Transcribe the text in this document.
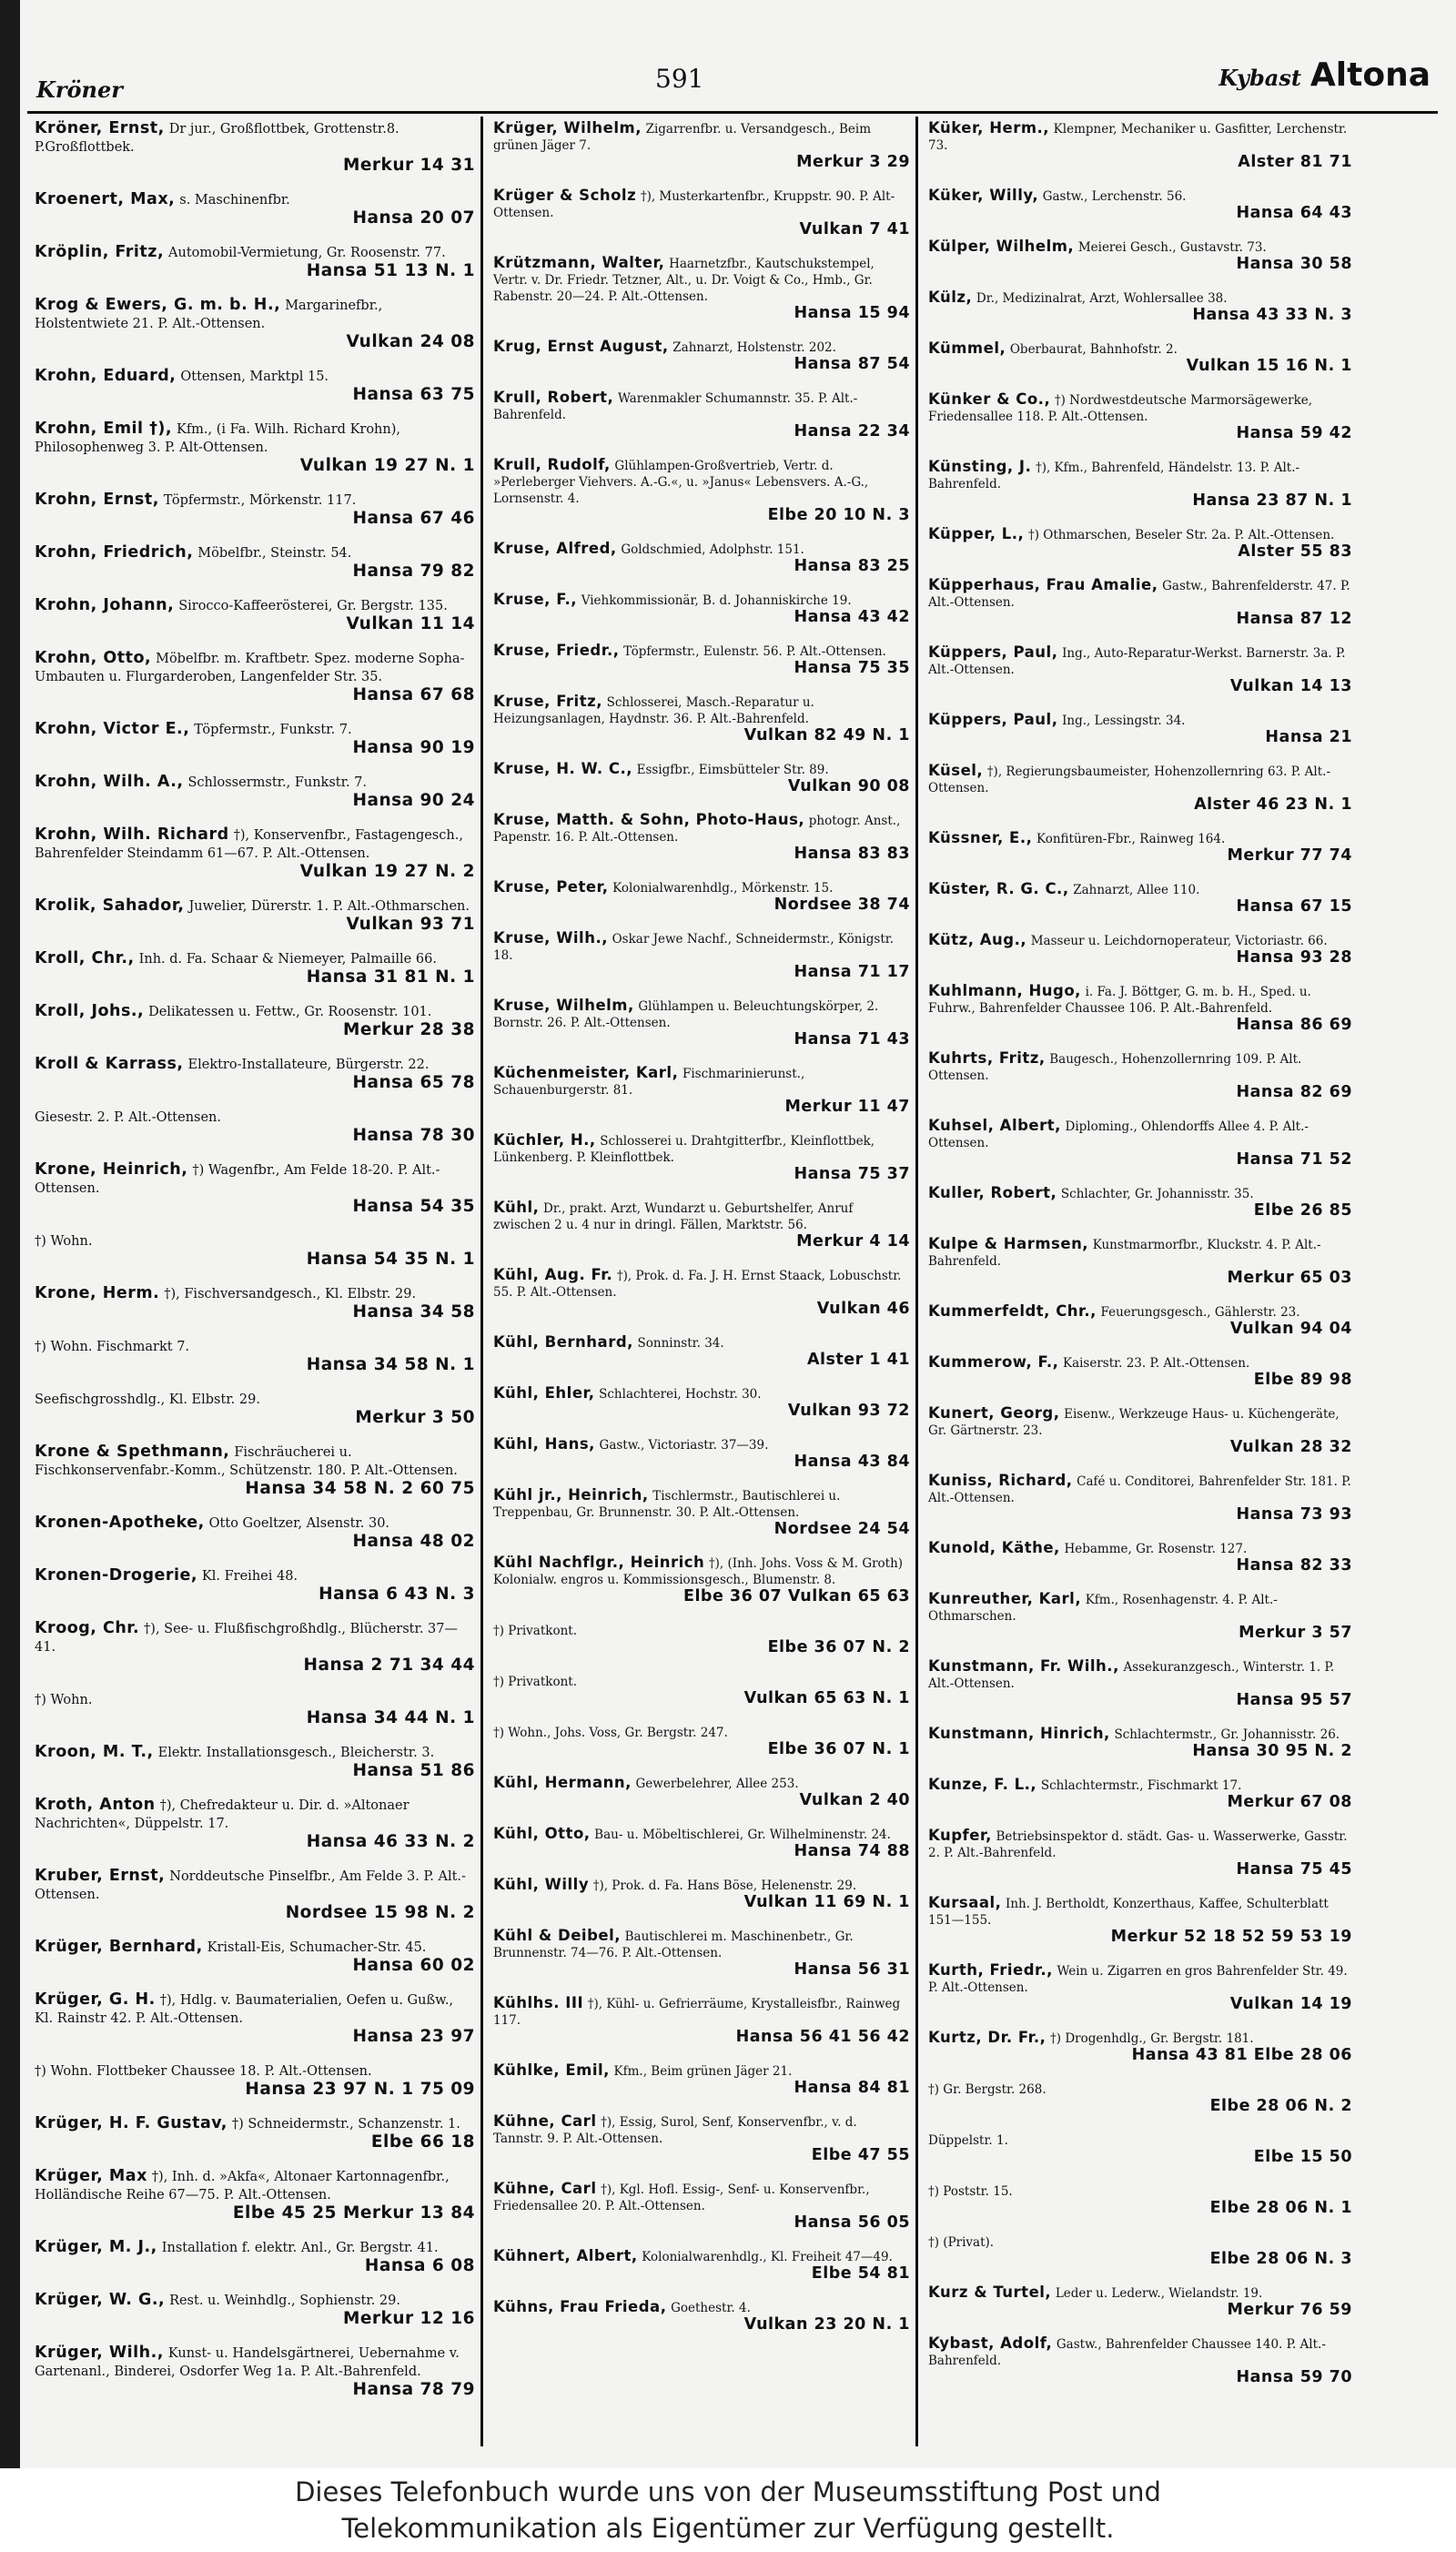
Kröner	591	Kybast Altona
Kröner, Ernst, Dr jur., Großflottbek, Grottenstr.8. P.Großflottbek.
Merkur 14 31
Kroenert, Max, s. Maschinenfbr.
Hansa 20 07
Kröplin, Fritz, Automobil-Vermietung, Gr. Roosenstr. 77.
Hansa 51 13 N. 1
Krog & Ewers, G. m. b. H., Margarinefbr., Holstentwiete 21. P. Alt.-Ottensen.
Vulkan 24 08
Krohn, Eduard, Ottensen, Marktpl 15.
Hansa 63 75
Krohn, Emil †), Kfm., (i Fa. Wilh. Richard Krohn), Philosophenweg 3. P. Alt-Ottensen.
Vulkan 19 27 N. 1
Krohn, Ernst, Töpfermstr., Mörkenstr. 117.
Hansa 67 46
Krohn, Friedrich, Möbelfbr., Steinstr. 54.
Hansa 79 82
Krohn, Johann, Sirocco-Kaffeerösterei, Gr. Bergstr. 135.
Vulkan 11 14
Krohn, Otto, Möbelfbr. m. Kraftbetr. Spez. moderne Sopha-Umbauten u. Flurgarderoben, Langenfelder Str. 35.
Hansa 67 68
Krohn, Victor E., Töpfermstr., Funkstr. 7.
Hansa 90 19
Krohn, Wilh. A., Schlossermstr., Funkstr. 7.
Hansa 90 24
Krohn, Wilh. Richard †), Konservenfbr., Fastagengesch., Bahrenfelder Steindamm 61—67. P. Alt.-Ottensen.
Vulkan 19 27 N. 2
Krolik, Sahador, Juwelier, Dürerstr. 1. P. Alt.-Othmarschen.
Vulkan 93 71
Kroll, Chr., Inh. d. Fa. Schaar & Niemeyer, Palmaille 66.
Hansa 31 81 N. 1
Kroll, Johs., Delikatessen u. Fettw., Gr. Roosenstr. 101.
Merkur 28 38
Kroll & Karrass, Elektro-Installateure, Bürgerstr. 22.
Hansa 65 78
Giesestr. 2. P. Alt.-Ottensen.
Hansa 78 30
Krone, Heinrich, †) Wagenfbr., Am Felde 18-20. P. Alt.-Ottensen.
Hansa 54 35
†) Wohn.
Hansa 54 35 N. 1
Krone, Herm. †), Fischversandgesch., Kl. Elbstr. 29.
Hansa 34 58
†) Wohn. Fischmarkt 7.
Hansa 34 58 N. 1
Seefischgrosshdlg., Kl. Elbstr. 29.
Merkur 3 50
Krone & Spethmann, Fischräucherei u. Fischkonservenfabr.-Komm., Schützenstr. 180. P. Alt.-Ottensen.
Hansa 34 58 N. 2 60 75
Kronen-Apotheke, Otto Goeltzer, Alsenstr. 30.
Hansa 48 02
Kronen-Drogerie, Kl. Freihei 48.
Hansa 6 43 N. 3
Kroog, Chr. †), See- u. Flußfischgroßhdlg., Blücherstr. 37—41.
Hansa 2 71 34 44
†) Wohn.
Hansa 34 44 N. 1
Kroon, M. T., Elektr. Installationsgesch., Bleicherstr. 3.
Hansa 51 86
Kroth, Anton †), Chefredakteur u. Dir. d. »Altonaer Nachrichten«, Düppelstr. 17.
Hansa 46 33 N. 2
Kruber, Ernst, Norddeutsche Pinselfbr., Am Felde 3. P. Alt.-Ottensen.
Nordsee 15 98 N. 2
Krüger, Bernhard, Kristall-Eis, Schumacher-Str. 45.
Hansa 60 02
Krüger, G. H. †), Hdlg. v. Baumaterialien, Oefen u. Gußw., Kl. Rainstr 42. P. Alt.-Ottensen.
Hansa 23 97
†) Wohn. Flottbeker Chaussee 18. P. Alt.-Ottensen.
Hansa 23 97 N. 1 75 09
Krüger, H. F. Gustav, †) Schneidermstr., Schanzenstr. 1.
Elbe 66 18
Krüger, Max †), Inh. d. »Akfa«, Altonaer Kartonnagenfbr., Holländische Reihe 67—75. P. Alt.-Ottensen.
Elbe 45 25 Merkur 13 84
Krüger, M. J., Installation f. elektr. Anl., Gr. Bergstr. 41.
Hansa 6 08
Krüger, W. G., Rest. u. Weinhdlg., Sophienstr. 29.
Merkur 12 16
Krüger, Wilh., Kunst- u. Handelsgärtnerei, Uebernahme v. Gartenanl., Binderei, Osdorfer Weg 1a. P. Alt.-Bahrenfeld.
Hansa 78 79
Krüger, Wilhelm, Zigarrenfbr. u. Versandgesch., Beim grünen Jäger 7.
Merkur 3 29
Krüger & Scholz †), Musterkartenfbr., Kruppstr. 90. P. Alt-Ottensen.
Vulkan 7 41
Krützmann, Walter, Haarnetzfbr., Kautschukstempel, Vertr. v. Dr. Friedr. Tetzner, Alt., u. Dr. Voigt & Co., Hmb., Gr. Rabenstr. 20—24. P. Alt.-Ottensen.
Hansa 15 94
Krug, Ernst August, Zahnarzt, Holstenstr. 202.
Hansa 87 54
Krull, Robert, Warenmakler Schumannstr. 35. P. Alt.-Bahrenfeld.
Hansa 22 34
Krull, Rudolf, Glühlampen-Großvertrieb, Vertr. d. »Perleberger Viehvers. A.-G.«, u. »Janus« Lebensvers. A.-G., Lornsenstr. 4.
Elbe 20 10 N. 3
Kruse, Alfred, Goldschmied, Adolphstr. 151.
Hansa 83 25
Kruse, F., Viehkommissionär, B. d. Johanniskirche 19.
Hansa 43 42
Kruse, Friedr., Töpfermstr., Eulenstr. 56. P. Alt.-Ottensen.
Hansa 75 35
Kruse, Fritz, Schlosserei, Masch.-Reparatur u. Heizungsanlagen, Haydnstr. 36. P. Alt.-Bahrenfeld.
Vulkan 82 49 N. 1
Kruse, H. W. C., Essigfbr., Eimsbütteler Str. 89.
Vulkan 90 08
Kruse, Matth. & Sohn, Photo-Haus, photogr. Anst., Papenstr. 16. P. Alt.-Ottensen.
Hansa 83 83
Kruse, Peter, Kolonialwarenhdlg., Mörkenstr. 15.
Nordsee 38 74
Kruse, Wilh., Oskar Jewe Nachf., Schneidermstr., Königstr. 18.
Hansa 71 17
Kruse, Wilhelm, Glühlampen u. Beleuchtungskörper, 2. Bornstr. 26. P. Alt.-Ottensen.
Hansa 71 43
Küchenmeister, Karl, Fischmarinierunst., Schauenburgerstr. 81.
Merkur 11 47
Küchler, H., Schlosserei u. Drahtgitterfbr., Kleinflottbek, Lünkenberg. P. Kleinflottbek.
Hansa 75 37
Kühl, Dr., prakt. Arzt, Wundarzt u. Geburtshelfer, Anruf zwischen 2 u. 4 nur in dringl. Fällen, Marktstr. 56.
Merkur 4 14
Kühl, Aug. Fr. †), Prok. d. Fa. J. H. Ernst Staack, Lobuschstr. 55. P. Alt.-Ottensen.
Vulkan 46
Kühl, Bernhard, Sonninstr. 34.
Alster 1 41
Kühl, Ehler, Schlachterei, Hochstr. 30.
Vulkan 93 72
Kühl, Hans, Gastw., Victoriastr. 37—39.
Hansa 43 84
Kühl jr., Heinrich, Tischlermstr., Bautischlerei u. Treppenbau, Gr. Brunnenstr. 30. P. Alt.-Ottensen.
Nordsee 24 54
Kühl Nachflgr., Heinrich †), (Inh. Johs. Voss & M. Groth) Kolonialw. engros u. Kommissionsgesch., Blumenstr. 8.
Elbe 36 07 Vulkan 65 63
†) Privatkont.
Elbe 36 07 N. 2
†) Privatkont.
Vulkan 65 63 N. 1
†) Wohn., Johs. Voss, Gr. Bergstr. 247.
Elbe 36 07 N. 1
Kühl, Hermann, Gewerbelehrer, Allee 253.
Vulkan 2 40
Kühl, Otto, Bau- u. Möbeltischlerei, Gr. Wilhelminenstr. 24.
Hansa 74 88
Kühl, Willy †), Prok. d. Fa. Hans Böse, Helenenstr. 29.
Vulkan 11 69 N. 1
Kühl & Deibel, Bautischlerei m. Maschinenbetr., Gr. Brunnenstr. 74—76. P. Alt.-Ottensen.
Hansa 56 31
Kühlhs. III †), Kühl- u. Gefrierräume, Krystalleisfbr., Rainweg 117.
Hansa 56 41 56 42
Kühlke, Emil, Kfm., Beim grünen Jäger 21.
Hansa 84 81
Kühne, Carl †), Essig, Surol, Senf, Konservenfbr., v. d. Tannstr. 9. P. Alt.-Ottensen.
Elbe 47 55
Kühne, Carl †), Kgl. Hofl. Essig-, Senf- u. Konservenfbr., Friedensallee 20. P. Alt.-Ottensen.
Hansa 56 05
Kühnert, Albert, Kolonialwarenhdlg., Kl. Freiheit 47—49.
Elbe 54 81
Kühns, Frau Frieda, Goethestr. 4.
Vulkan 23 20 N. 1
Küker, Herm., Klempner, Mechaniker u. Gasfitter, Lerchenstr. 73.
Alster 81 71
Küker, Willy, Gastw., Lerchenstr. 56.
Hansa 64 43
Külper, Wilhelm, Meierei Gesch., Gustavstr. 73.
Hansa 30 58
Külz, Dr., Medizinalrat, Arzt, Wohlersallee 38.
Hansa 43 33 N. 3
Kümmel, Oberbaurat, Bahnhofstr. 2.
Vulkan 15 16 N. 1
Künker & Co., †) Nordwestdeutsche Marmorsägewerke, Friedensallee 118. P. Alt.-Ottensen.
Hansa 59 42
Künsting, J. †), Kfm., Bahrenfeld, Händelstr. 13. P. Alt.-Bahrenfeld.
Hansa 23 87 N. 1
Küpper, L., †) Othmarschen, Beseler Str. 2a. P. Alt.-Ottensen.
Alster 55 83
Küpperhaus, Frau Amalie, Gastw., Bahrenfelderstr. 47. P. Alt.-Ottensen.
Hansa 87 12
Küppers, Paul, Ing., Auto-Reparatur-Werkst. Barnerstr. 3a. P. Alt.-Ottensen.
Vulkan 14 13
Küppers, Paul, Ing., Lessingstr. 34.
Hansa 21
Küsel, †), Regierungsbaumeister, Hohenzollernring 63. P. Alt.-Ottensen.
Alster 46 23 N. 1
Küssner, E., Konfitüren-Fbr., Rainweg 164.
Merkur 77 74
Küster, R. G. C., Zahnarzt, Allee 110.
Hansa 67 15
Kütz, Aug., Masseur u. Leichdornoperateur, Victoriastr. 66.
Hansa 93 28
Kuhlmann, Hugo, i. Fa. J. Böttger, G. m. b. H., Sped. u. Fuhrw., Bahrenfelder Chaussee 106. P. Alt.-Bahrenfeld.
Hansa 86 69
Kuhrts, Fritz, Baugesch., Hohenzollernring 109. P. Alt. Ottensen.
Hansa 82 69
Kuhsel, Albert, Diploming., Ohlendorffs Allee 4. P. Alt.-Ottensen.
Hansa 71 52
Kuller, Robert, Schlachter, Gr. Johannisstr. 35.
Elbe 26 85
Kulpe & Harmsen, Kunstmarmorfbr., Kluckstr. 4. P. Alt.-Bahrenfeld.
Merkur 65 03
Kummerfeldt, Chr., Feuerungsgesch., Gählerstr. 23.
Vulkan 94 04
Kummerow, F., Kaiserstr. 23. P. Alt.-Ottensen.
Elbe 89 98
Kunert, Georg, Eisenw., Werkzeuge Haus- u. Küchengeräte, Gr. Gärtnerstr. 23.
Vulkan 28 32
Kuniss, Richard, Café u. Conditorei, Bahrenfelder Str. 181. P. Alt.-Ottensen.
Hansa 73 93
Kunold, Käthe, Hebamme, Gr. Rosenstr. 127.
Hansa 82 33
Kunreuther, Karl, Kfm., Rosenhagenstr. 4. P. Alt.-Othmarschen.
Merkur 3 57
Kunstmann, Fr. Wilh., Assekuranzgesch., Winterstr. 1. P. Alt.-Ottensen.
Hansa 95 57
Kunstmann, Hinrich, Schlachtermstr., Gr. Johannisstr. 26.
Hansa 30 95 N. 2
Kunze, F. L., Schlachtermstr., Fischmarkt 17.
Merkur 67 08
Kupfer, Betriebsinspektor d. städt. Gas- u. Wasserwerke, Gasstr. 2. P. Alt.-Bahrenfeld.
Hansa 75 45
Kursaal, Inh. J. Bertholdt, Konzerthaus, Kaffee, Schulterblatt 151—155.
Merkur 52 18 52 59 53 19
Kurth, Friedr., Wein u. Zigarren en gros Bahrenfelder Str. 49. P. Alt.-Ottensen.
Vulkan 14 19
Kurtz, Dr. Fr., †) Drogenhdlg., Gr. Bergstr. 181.
Hansa 43 81 Elbe 28 06
†) Gr. Bergstr. 268.
Elbe 28 06 N. 2
Düppelstr. 1.
Elbe 15 50
†) Poststr. 15.
Elbe 28 06 N. 1
†) (Privat).
Elbe 28 06 N. 3
Kurz & Turtel, Leder u. Lederw., Wielandstr. 19.
Merkur 76 59
Kybast, Adolf, Gastw., Bahrenfelder Chaussee 140. P. Alt.-Bahrenfeld.
Hansa 59 70
Dieses Telefonbuch wurde uns von der Museumsstiftung Post und
Telekommunikation als Eigentümer zur Verfügung gestellt.
